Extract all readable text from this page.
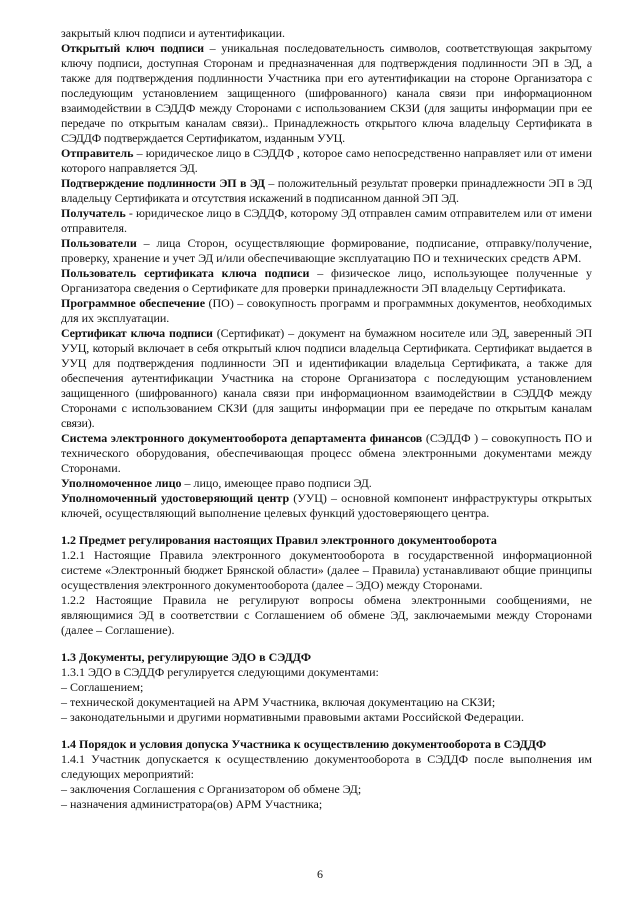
закрытый ключ подписи и аутентификации.

Открытый ключ подписи – уникальная последовательность символов, соответствующая закрытому ключу подписи, доступная Сторонам и предназначенная для подтверждения подлинности ЭП в ЭД, а также для подтверждения подлинности Участника при его аутентификации на стороне Организатора с последующим установлением защищенного (шифрованного) канала связи при информационном взаимодействии в СЭДДФ между Сторонами с использованием СКЗИ (для защиты информации при ее передаче по открытым каналам связи).. Принадлежность открытого ключа владельцу Сертификата в СЭДДФ подтверждается Сертификатом, изданным УУЦ.

Отправитель – юридическое лицо в СЭДДФ , которое само непосредственно направляет или от имени которого направляется ЭД.

Подтверждение подлинности ЭП в ЭД – положительный результат проверки принадлежности ЭП в ЭД владельцу Сертификата и отсутствия искажений в подписанном данной ЭП ЭД.

Получатель - юридическое лицо в СЭДДФ, которому ЭД отправлен самим отправителем или от имени отправителя.

Пользователи – лица Сторон, осуществляющие формирование, подписание, отправку/получение, проверку, хранение и учет ЭД и/или обеспечивающие эксплуатацию ПО и технических средств АРМ.

Пользователь сертификата ключа подписи – физическое лицо, использующее полученные у Организатора сведения о Сертификате для проверки принадлежности ЭП владельцу Сертификата.

Программное обеспечение (ПО) – совокупность программ и программных документов, необходимых для их эксплуатации.

Сертификат ключа подписи (Сертификат) – документ на бумажном носителе или ЭД, заверенный ЭП УУЦ, который включает в себя открытый ключ подписи владельца Сертификата. Сертификат выдается в УУЦ для подтверждения подлинности ЭП и идентификации владельца Сертификата, а также для обеспечения аутентификации Участника на стороне Организатора с последующим установлением защищенного (шифрованного) канала связи при информационном взаимодействии в СЭДДФ между Сторонами с использованием СКЗИ (для защиты информации при ее передаче по открытым каналам связи).

Система электронного документооборота департамента финансов (СЭДДФ ) – совокупность ПО и технического оборудования, обеспечивающая процесс обмена электронными документами между Сторонами.

Уполномоченное лицо – лицо, имеющее право подписи ЭД.

Уполномоченный удостоверяющий центр (УУЦ) – основной компонент инфраструктуры открытых ключей, осуществляющий выполнение целевых функций удостоверяющего центра.

1.2 Предмет регулирования настоящих Правил электронного документооборота

1.2.1 Настоящие Правила электронного документооборота в государственной информационной системе «Электронный бюджет Брянской области» (далее – Правила) устанавливают общие принципы осуществления электронного документооборота (далее – ЭДО) между Сторонами.

1.2.2 Настоящие Правила не регулируют вопросы обмена электронными сообщениями, не являющимися ЭД в соответствии с Соглашением об обмене ЭД, заключаемыми между Сторонами (далее – Соглашение).

1.3 Документы, регулирующие ЭДО в СЭДДФ

1.3.1 ЭДО в СЭДДФ регулируется следующими документами:

– Соглашением;

– технической документацией на АРМ Участника, включая документацию на СКЗИ;

– законодательными и другими нормативными правовыми актами Российской Федерации.

1.4 Порядок и условия допуска Участника к осуществлению документооборота в СЭДДФ

1.4.1 Участник допускается к осуществлению документооборота в СЭДДФ после выполнения им следующих мероприятий:

– заключения Соглашения с Организатором об обмене ЭД;

– назначения администратора(ов) АРМ Участника;

6
